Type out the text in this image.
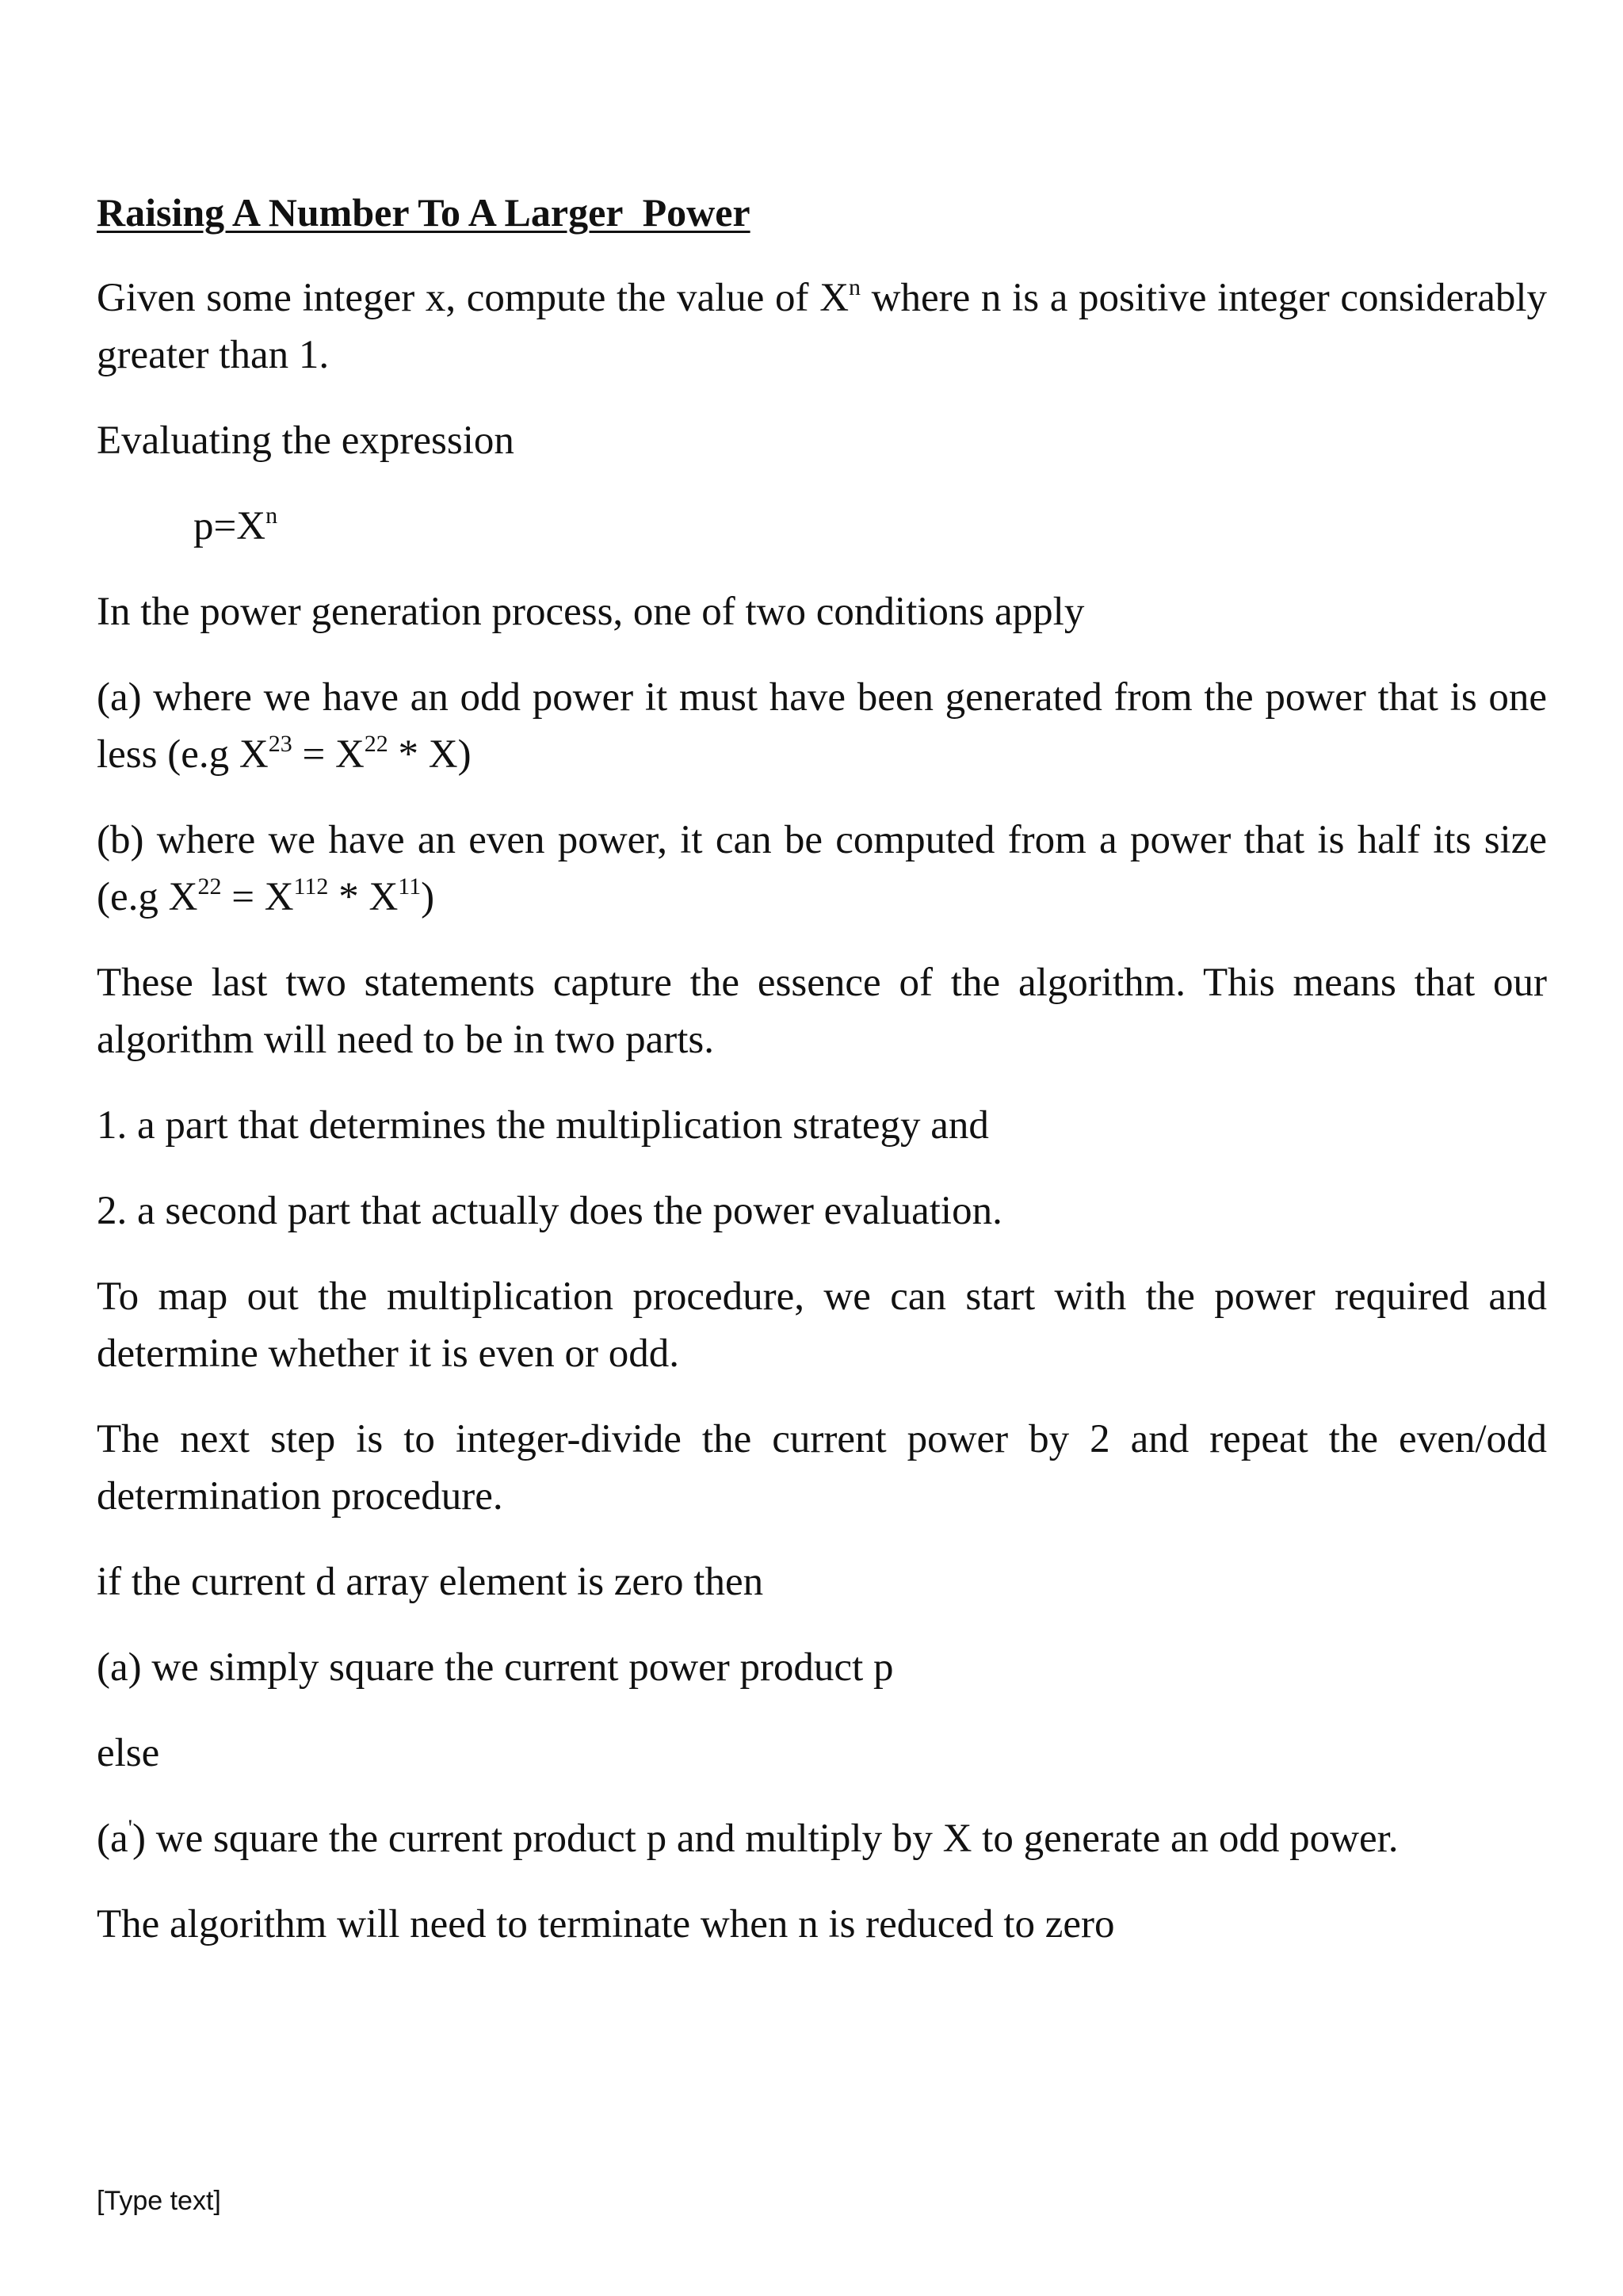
Raising A Number To A Larger  Power
Given some integer x, compute the value of $X^n$ where n is a positive integer considerably greater than 1.
Evaluating the expression
$p=X^n$
In the power generation process, one of two conditions apply
(a) where we have an odd power it must have been generated from the power that is one less (e.g $X^{23} = X^{22} * X$)
(b) where we have an even power, it can be computed from a power that is half its size (e.g $X^{22} = X^{112} * X^{11}$)
These last two statements capture the essence of the algorithm. This means that our algorithm will need to be in two parts.
1. a part that determines the multiplication strategy and
2. a second part that actually does the power evaluation.
To map out the multiplication procedure, we can start with the power required and determine whether it is even or odd.
The next step is to integer-divide the current power by 2 and repeat the even/odd determination procedure.
if the current d array element is zero then
(a) we simply square the current power product p
else
(a') we square the current product p and multiply by X to generate an odd power.
The algorithm will need to terminate when n is reduced to zero
[Type text]
